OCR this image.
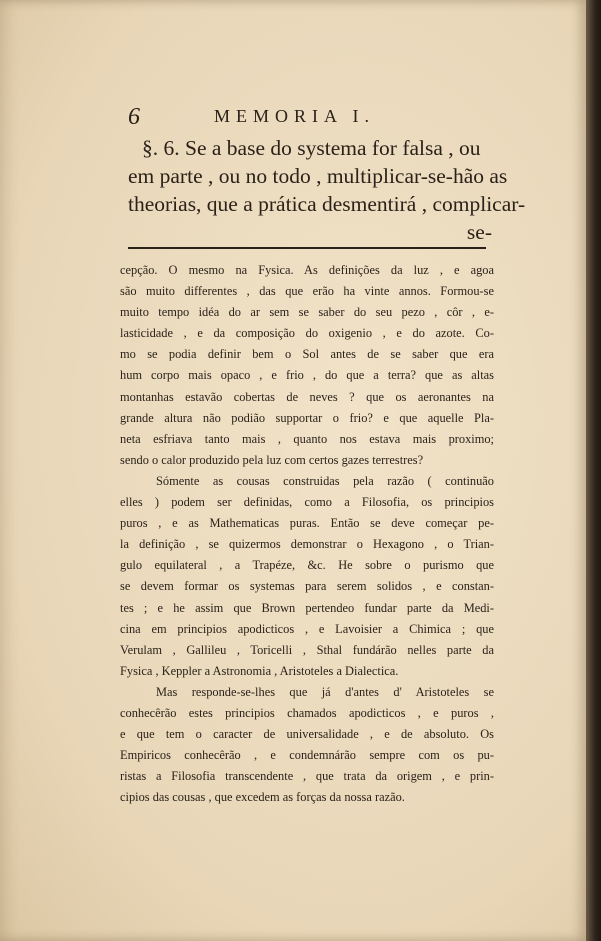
6	MEMORIA I.
§. 6. Se a base do systema for falsa , ou
em parte , ou no todo , multiplicar-se-hão as
theorias, que a prática desmentirá , complicar-
se-
cepção. O mesmo na Fysica. As definições da luz , e agoa
são muito differentes , das que erão ha vinte annos. Formou-se
muito tempo idéa do ar sem se saber do seu pezo , côr , e-
lasticidade , e da composição do oxigenio , e do azote. Co-
mo se podia definir bem o Sol antes de se saber que era
hum corpo mais opaco , e frio , do que a terra? que as altas
montanhas estavão cobertas de neves ? que os aeronantes na
grande altura não podião supportar o frio? e que aquelle Pla-
neta esfriava tanto mais , quanto nos estava mais proximo;
sendo o calor produzido pela luz com certos gazes terrestres?
Sómente as cousas construidas pela razão ( continuão
elles ) podem ser definidas, como a Filosofia, os principios
puros , e as Mathematicas puras. Então se deve começar pe-
la definição , se quizermos demonstrar o Hexagono , o Trian-
gulo equilateral , a Trapéze, &c. He sobre o purismo que
se devem formar os systemas para serem solidos , e constan-
tes ; e he assim que Brown pertendeo fundar parte da Medi-
cina em principios apodicticos , e Lavoisier a Chimica ; que
Verulam , Gallileu , Toricelli , Sthal fundárão nelles parte da
Fysica , Keppler a Astronomia , Aristoteles a Dialectica.
Mas responde-se-lhes que já d'antes d' Aristoteles se
conhecêrão estes principios chamados apodicticos , e puros ,
e que tem o caracter de universalidade , e de absoluto. Os
Empiricos conhecêrão , e condemnárão sempre com os pu-
ristas a Filosofia transcendente , que trata da origem , e prin-
cipios das cousas , que excedem as forças da nossa razão.
